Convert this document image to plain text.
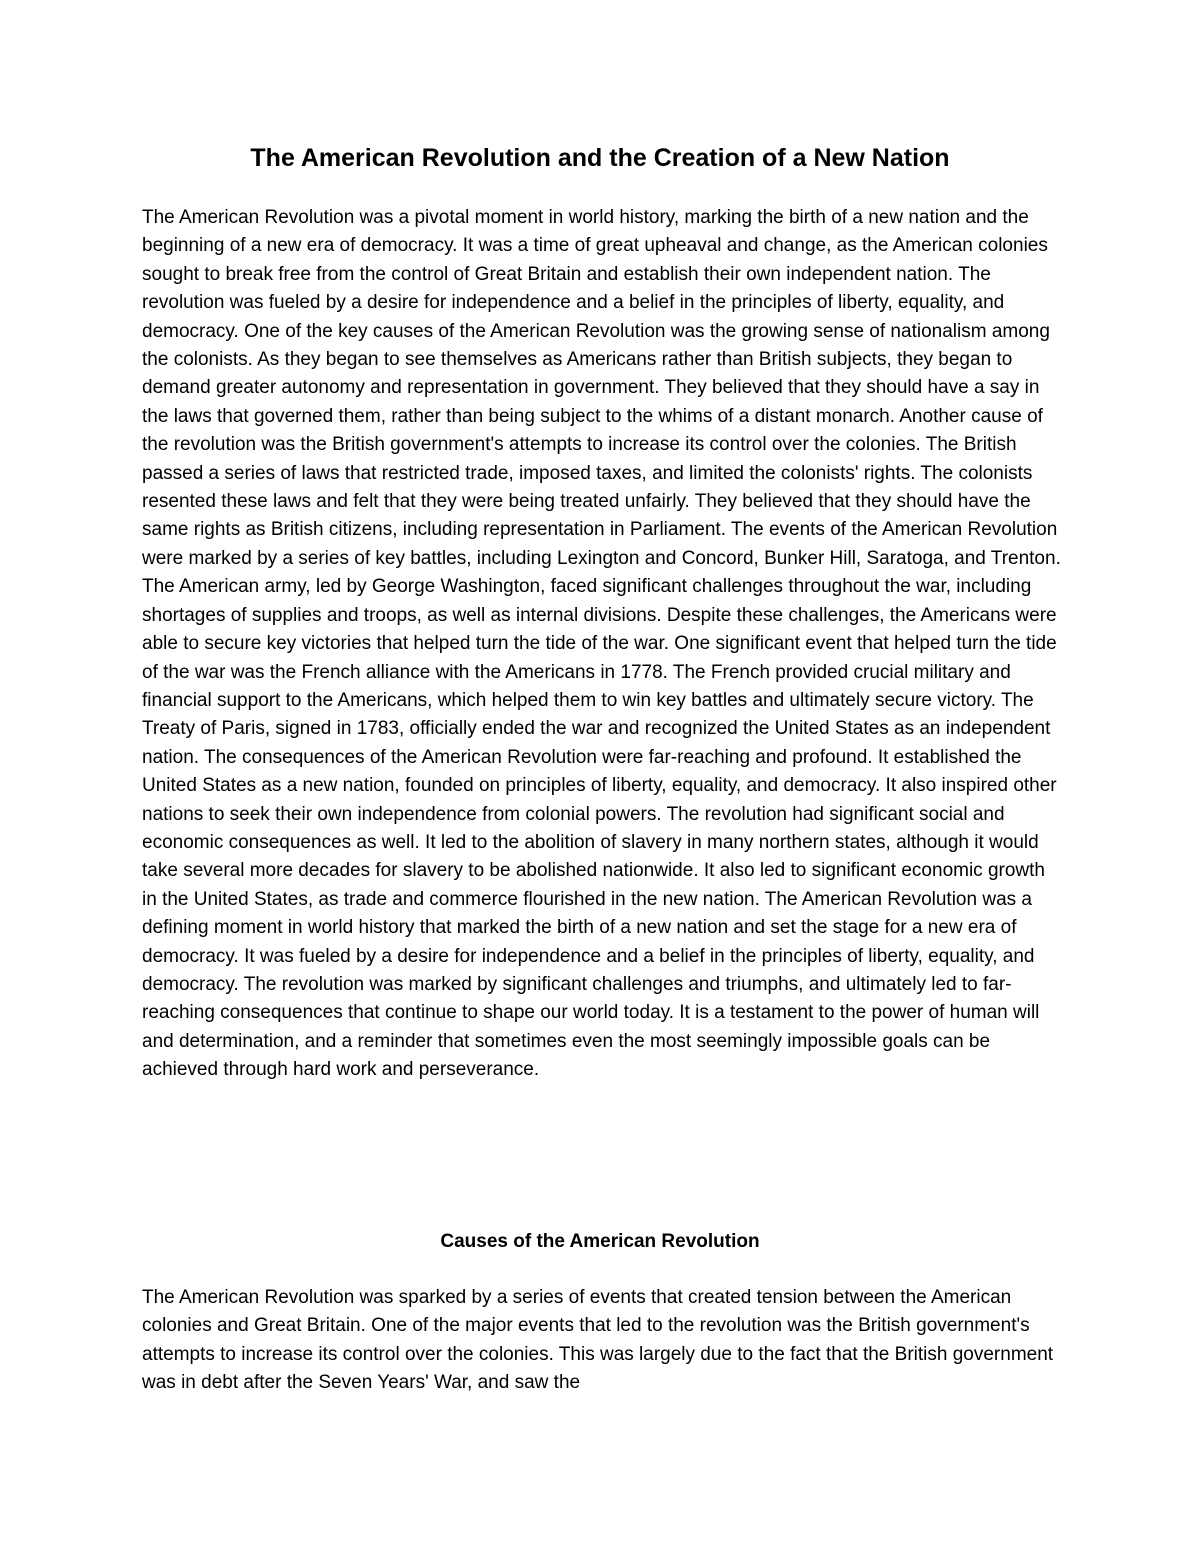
The American Revolution and the Creation of a New Nation

The American Revolution was a pivotal moment in world history, marking the birth of a new nation and the beginning of a new era of democracy. It was a time of great upheaval and change, as the American colonies sought to break free from the control of Great Britain and establish their own independent nation. The revolution was fueled by a desire for independence and a belief in the principles of liberty, equality, and democracy. One of the key causes of the American Revolution was the growing sense of nationalism among the colonists. As they began to see themselves as Americans rather than British subjects, they began to demand greater autonomy and representation in government. They believed that they should have a say in the laws that governed them, rather than being subject to the whims of a distant monarch. Another cause of the revolution was the British government's attempts to increase its control over the colonies. The British passed a series of laws that restricted trade, imposed taxes, and limited the colonists' rights. The colonists resented these laws and felt that they were being treated unfairly. They believed that they should have the same rights as British citizens, including representation in Parliament. The events of the American Revolution were marked by a series of key battles, including Lexington and Concord, Bunker Hill, Saratoga, and Trenton. The American army, led by George Washington, faced significant challenges throughout the war, including shortages of supplies and troops, as well as internal divisions. Despite these challenges, the Americans were able to secure key victories that helped turn the tide of the war. One significant event that helped turn the tide of the war was the French alliance with the Americans in 1778. The French provided crucial military and financial support to the Americans, which helped them to win key battles and ultimately secure victory. The Treaty of Paris, signed in 1783, officially ended the war and recognized the United States as an independent nation. The consequences of the American Revolution were far-reaching and profound. It established the United States as a new nation, founded on principles of liberty, equality, and democracy. It also inspired other nations to seek their own independence from colonial powers. The revolution had significant social and economic consequences as well. It led to the abolition of slavery in many northern states, although it would take several more decades for slavery to be abolished nationwide. It also led to significant economic growth in the United States, as trade and commerce flourished in the new nation. The American Revolution was a defining moment in world history that marked the birth of a new nation and set the stage for a new era of democracy. It was fueled by a desire for independence and a belief in the principles of liberty, equality, and democracy. The revolution was marked by significant challenges and triumphs, and ultimately led to far-reaching consequences that continue to shape our world today. It is a testament to the power of human will and determination, and a reminder that sometimes even the most seemingly impossible goals can be achieved through hard work and perseverance.

Causes of the American Revolution

The American Revolution was sparked by a series of events that created tension between the American colonies and Great Britain. One of the major events that led to the revolution was the British government's attempts to increase its control over the colonies. This was largely due to the fact that the British government was in debt after the Seven Years' War, and saw the
